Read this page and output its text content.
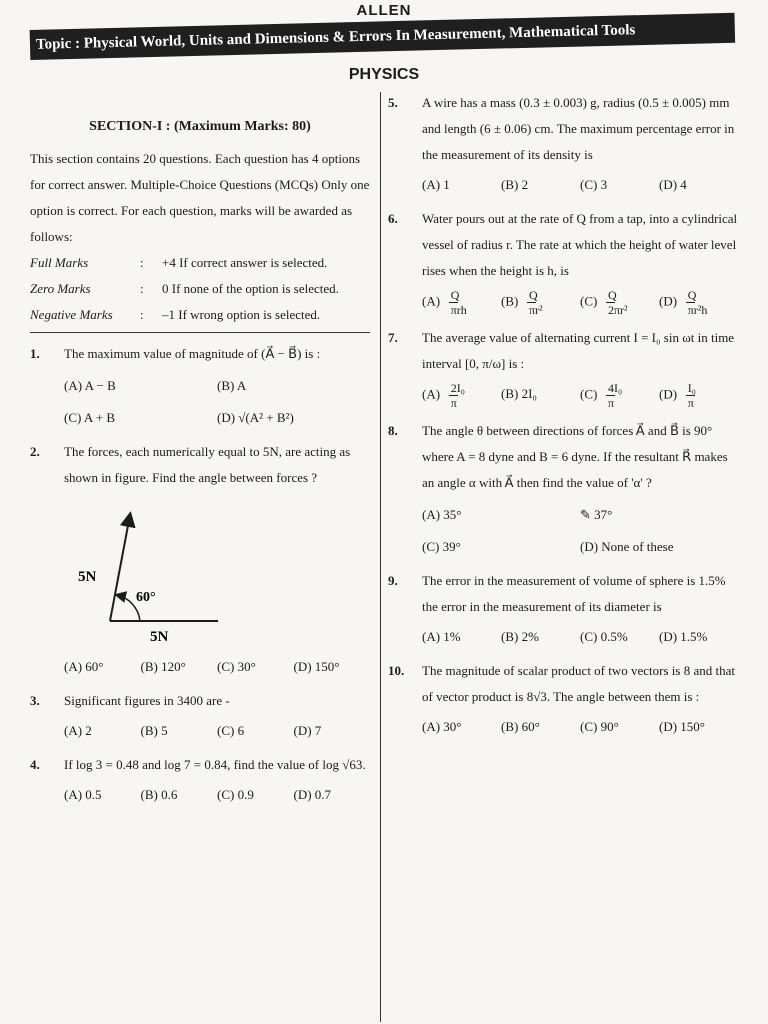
ALLEN
Topic : Physical World, Units and Dimensions & Errors In Measurement, Mathematical Tools
PHYSICS
SECTION-I : (Maximum Marks: 80)
This section contains 20 questions. Each question has 4 options for correct answer. Multiple-Choice Questions (MCQs) Only one option is correct. For each question, marks will be awarded as follows:
Full Marks	:	+4 If correct answer is selected.
Zero Marks	:	0 If none of the option is selected.
Negative Marks	:	–1 If wrong option is selected.
1.	The maximum value of magnitude of (A⃗ − B⃗) is :
(A) A − B	(B) A
(C) A + B	(D) √(A² + B²)
2.	The forces, each numerically equal to 5N, are acting as shown in figure. Find the angle between forces ?
5N
60°
5N
(A) 60°	(B) 120°	(C) 30°	(D) 150°
3.	Significant figures in 3400 are -
(A) 2	(B) 5	(C) 6	(D) 7
4.	If log 3 = 0.48 and log 7 = 0.84, find the value of log √63.
(A) 0.5	(B) 0.6	(C) 0.9	(D) 0.7
5.	A wire has a mass (0.3 ± 0.003) g, radius (0.5 ± 0.005) mm and length (6 ± 0.06) cm. The maximum percentage error in the measurement of its density is
(A) 1	(B) 2	(C) 3	(D) 4
6.	Water pours out at the rate of Q from a tap, into a cylindrical vessel of radius r. The rate at which the height of water level rises when the height is h, is
$(A) \frac{Q}{\text{πrh}}$	$(B) \frac{Q}{\text{πr²}}$	$(C) \frac{Q}{\text{2πr²}}$	$(D) \frac{Q}{\text{πr²h}}$
7.	The average value of alternating current I = I₀ sin ωt in time interval [0, π/ω] is :
$(A) \frac{\text{2I₀}}{\pi}$	(B) 2I₀	$(C) \frac{\text{4I₀}}{\pi}$	$(D) \frac{\text{I₀}}{\pi}$
8.	The angle θ between directions of forces A⃗ and B⃗ is 90° where A = 8 dyne and B = 6 dyne. If the resultant R⃗ makes an angle α with A⃗ then find the value of 'α' ?
(A) 35°	✎ 37°
(C) 39°	(D) None of these
9.	The error in the measurement of volume of sphere is 1.5% the error in the measurement of its diameter is
(A) 1%	(B) 2%	(C) 0.5%	(D) 1.5%
10.	The magnitude of scalar product of two vectors is 8 and that of vector product is 8√3. The angle between them is :
(A) 30°	(B) 60°	(C) 90°	(D) 150°
